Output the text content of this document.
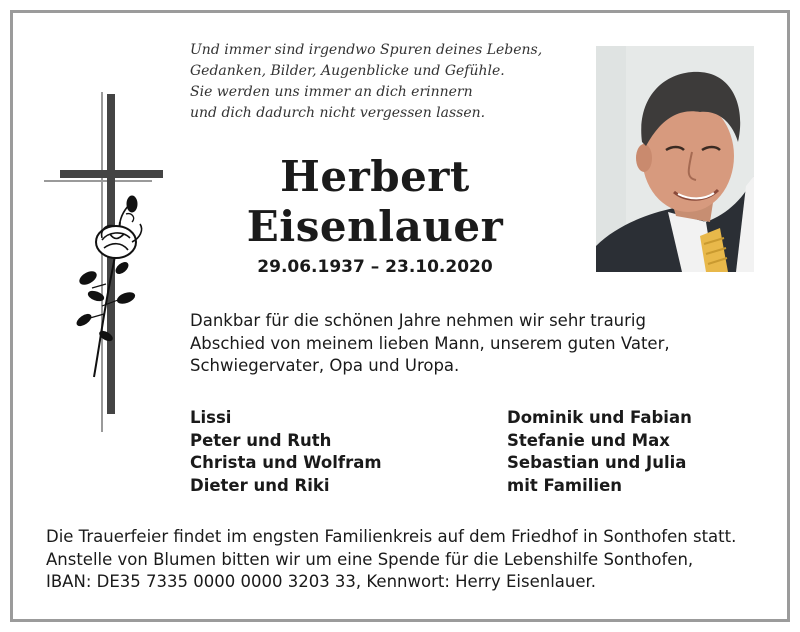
Und immer sind irgendwo Spuren deines Lebens,
Gedanken, Bilder, Augenblicke und Gefühle.
Sie werden uns immer an dich erinnern
und dich dadurch nicht vergessen lassen.
Herbert
Eisenlauer
29.06.1937 – 23.10.2020
Dankbar für die schönen Jahre nehmen wir sehr traurig
Abschied von meinem lieben Mann, unserem guten Vater,
Schwiegervater, Opa und Uropa.
Lissi
Peter und Ruth
Christa und Wolfram
Dieter und Riki
Dominik und Fabian
Stefanie und Max
Sebastian und Julia
mit Familien
Die Trauerfeier findet im engsten Familienkreis auf dem Friedhof in Sonthofen statt.
Anstelle von Blumen bitten wir um eine Spende für die Lebenshilfe Sonthofen,
IBAN: DE35 7335 0000 0000 3203 33, Kennwort: Herry Eisenlauer.
